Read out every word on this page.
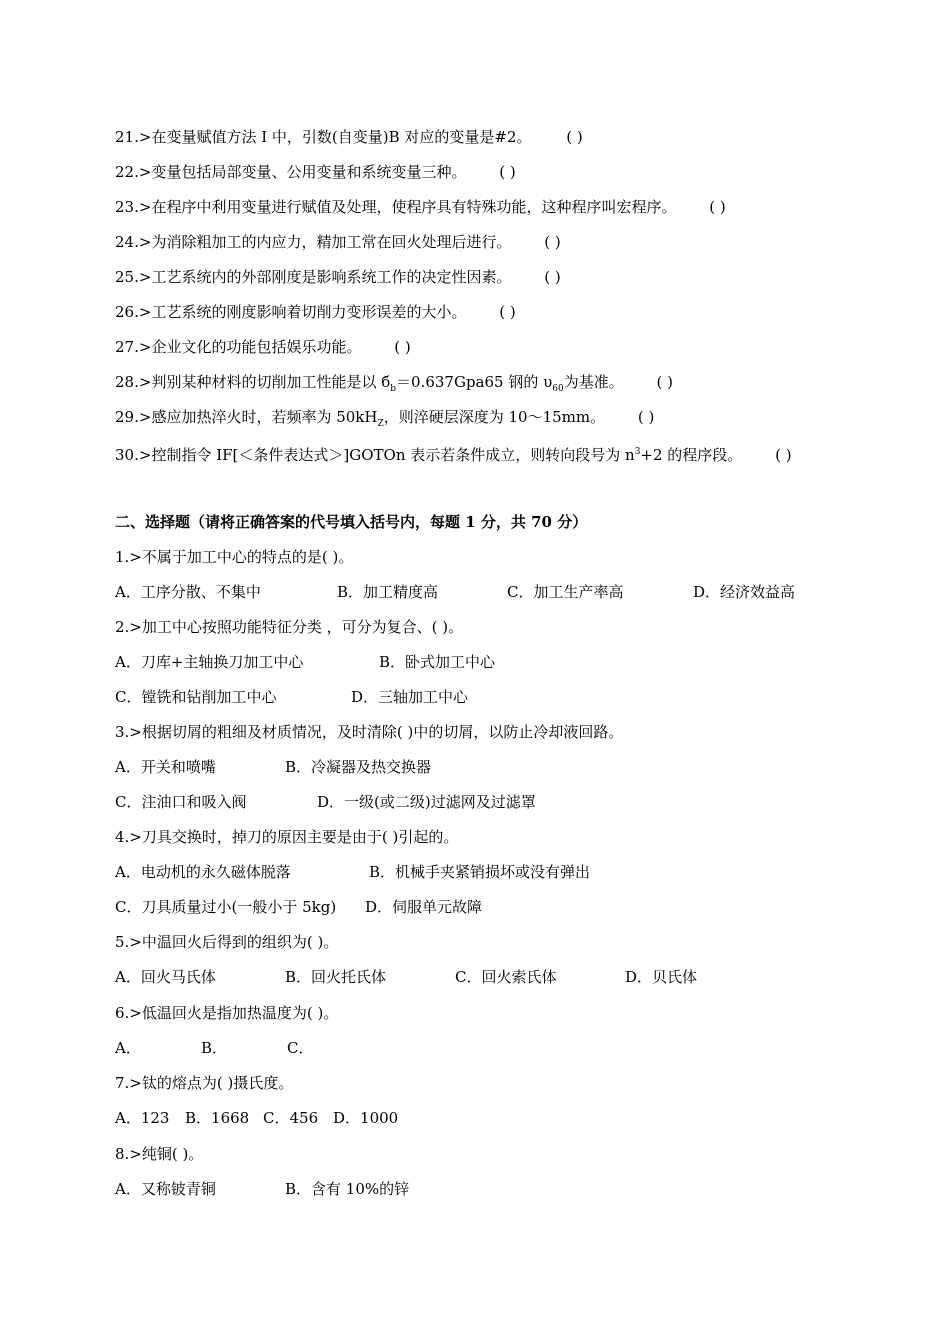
21.>在变量赋值方法 I 中，引数(自变量)B 对应的变量是#2。 ( )
22.>变量包括局部变量、公用变量和系统变量三种。 ( )
23.>在程序中利用变量进行赋值及处理，使程序具有特殊功能，这种程序叫宏程序。 ( )
24.>为消除粗加工的内应力，精加工常在回火处理后进行。 ( )
25.>工艺系统内的外部刚度是影响系统工作的决定性因素。 ( )
26.>工艺系统的刚度影响着切削力变形误差的大小。 ( )
27.>企业文化的功能包括娱乐功能。 ( )
28.>判别某种材料的切削加工性能是以 $б_b=0.637Gpa65$ 钢的 $\upsilon_{60}$为基准。 ( )
29.>感应加热淬火时，若频率为 $50kH_Z$，则淬硬层深度为 10～15mm。 ( )
30.>控制指令 IF[＜条件表达式＞]GOTOn 表示若条件成立，则转向段号为 $n^3+2$ 的程序段。 ( )
二、选择题（请将正确答案的代号填入括号内，每题 1 分，共 70 分）
1.>不属于加工中心的特点的是( )。
A．工序分散、不集中	B．加工精度高	C．加工生产率高	D．经济效益高
2.>加工中心按照功能特征分类 ，可分为复合、( )。
A．刀库+主轴换刀加工中心	B．卧式加工中心
C．镗铣和钻削加工中心	D．三轴加工中心
3.>根据切屑的粗细及材质情况，及时清除( )中的切屑，以防止冷却液回路。
A．开关和喷嘴	B．冷凝器及热交换器
C．注油口和吸入阀	D．一级(或二级)过滤网及过滤罩
4.>刀具交换时，掉刀的原因主要是由于( )引起的。
A．电动机的永久磁体脱落	B．机械手夹紧销损坏或没有弹出
C．刀具质量过小(一般小于 5kg) D．伺服单元故障
5.>中温回火后得到的组织为( )。
A．回火马氏体	B．回火托氏体	C．回火索氏体	D．贝氏体
6.>低温回火是指加热温度为( )。
A．	B．	C．
7.>钛的熔点为( )摄氏度。
A．123 B．1668 C．456 D．1000
8.>纯铜( )。
A．又称铍青铜	B．含有 10%的锌
